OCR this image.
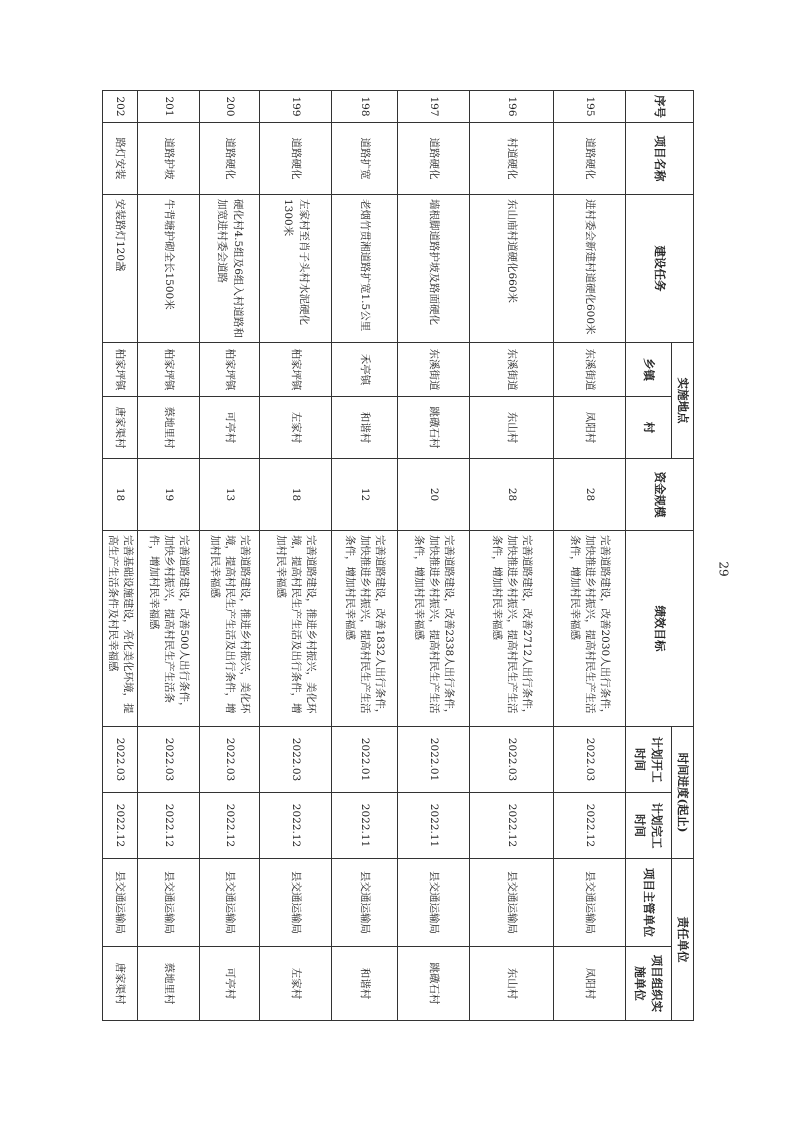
序号	项目名称	建设任务	实施地点		资金规模	绩效目标	时间进度(起止)		责任单位	
			乡镇	村			计划开工时间	计划完工时间	项目主管单位	项目组织实施单位
195	道路硬化	进村委会新建村道硬化600米	东溪街道	凤阳村	28	完善道路建设，改善2030人出行条件，加快推进乡村振兴，提高村民生产生活条件，增加村民幸福感	2022.03	2022.12	县交通运输局	凤阳村
196	村道硬化	东山庙村道硬化660米	东溪街道	东山村	28	完善道路建设，改善2712人出行条件，加快推进乡村振兴，提高村民生产生活条件，增加村民幸福感	2022.03	2022.12	县交通运输局	东山村
197	道路硬化	墙根脚道路护坡及路面硬化	东溪街道	跳礅石村	20	完善道路建设，改善2338人出行条件，加快推进乡村振兴，提高村民生产生活条件，增加村民幸福感	2022.01	2022.11	县交通运输局	跳礅石村
198	道路扩宽	老烟竹贯湘道路扩宽1.5公里	禾亭镇	和谐村	12	完善道路建设，改善1832人出行条件，加快推进乡村振兴，提高村民生产生活条件，增加村民幸福感	2022.01	2022.11	县交通运输局	和谐村
199	道路硬化	左家村至肖子头村水泥硬化1300米	柏家坪镇	左家村	18	完善道路建设，推进乡村振兴，美化环境，提高村民生产生活及出行条件，增加村民幸福感	2022.03	2022.12	县交通运输局	左家村
200	道路硬化	硬化村4.5组及6组入村道路和加宽进村委会道路	柏家坪镇	可亭村	13	完善道路建设，推进乡村振兴，美化环境，提高村民生产生活及出行条件，增加村民幸福感	2022.03	2022.12	县交通运输局	可亭村
201	道路护坡	牛背塘护砌全长1500米	柏家坪镇	蔡地里村	19	完善道路建设，改善500人出行条件，加快乡村振兴，提高村民生产生活条件，增加村民幸福感	2022.03	2022.12	县交通运输局	蔡地里村
202	路灯安装	安装路灯120盏	柏家坪镇	唐家渠村	18	完善基础设施建设，亮化美化环境，提高生产生活条件及村民幸福感	2022.03	2022.12	县交通运输局	唐家渠村
29
